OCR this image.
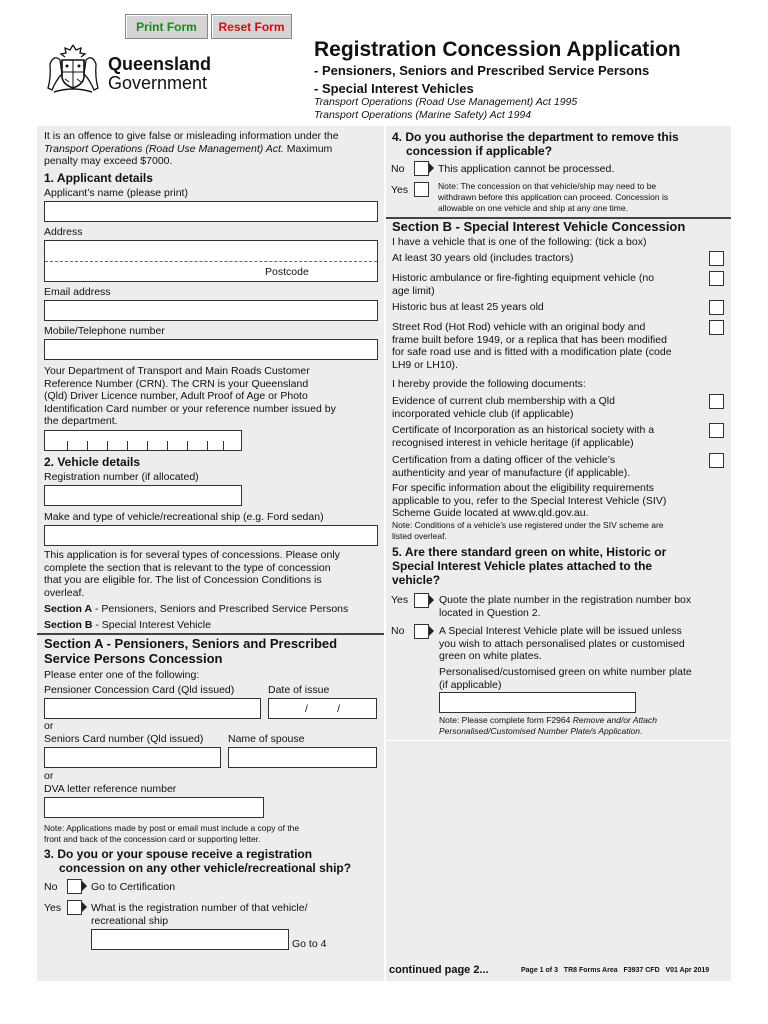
Print Form	Reset Form
Queensland
Government
Registration Concession Application
- Pensioners, Seniors and Prescribed Service Persons
- Special Interest Vehicles
Transport Operations (Road Use Management) Act 1995
Transport Operations (Marine Safety) Act 1994
It is an offence to give false or misleading information under the
Transport Operations (Road Use Management) Act. Maximum
penalty may exceed $7000.
1. Applicant details
Applicant’s name (please print)
Address
Postcode
Email address
Mobile/Telephone number
Your Department of Transport and Main Roads Customer
Reference Number (CRN). The CRN is your Queensland
(Qld) Driver Licence number, Adult Proof of Age or Photo
Identification Card number or your reference number issued by
the department.
2. Vehicle details
Registration number (if allocated)
Make and type of vehicle/recreational ship (e.g. Ford sedan)
This application is for several types of concessions. Please only
complete the section that is relevant to the type of concession
that you are eligible for. The list of Concession Conditions is
overleaf.
Section A - Pensioners, Seniors and Prescribed Service Persons
Section B - Special Interest Vehicle
Section A - Pensioners, Seniors and Prescribed
Service Persons Concession
Please enter one of the following:
Pensioner Concession Card (Qld issued)	Date of issue
/          /
or
Seniors Card number (Qld issued) Name of spouse
or
DVA letter reference number
Note: Applications made by post or email must include a copy of the
front and back of the concession card or supporting letter.
3. Do you or your spouse receive a registration
concession on any other vehicle/recreational ship?
No	Go to Certification
Yes	What is the registration number of that vehicle/
recreational ship
Go to 4
4. Do you authorise the department to remove this
concession if applicable?
No	This application cannot be processed.
Yes	Note: The concession on that vehicle/ship may need to be
withdrawn before this application can proceed. Concession is
allowable on one vehicle and ship at any one time.
Section B - Special Interest Vehicle Concession
I have a vehicle that is one of the following: (tick a box)
At least 30 years old (includes tractors)
Historic ambulance or fire-fighting equipment vehicle (no
age limit)
Historic bus at least 25 years old
Street Rod (Hot Rod) vehicle with an original body and
frame built before 1949, or a replica that has been modified
for safe road use and is fitted with a modification plate (code
LH9 or LH10).
I hereby provide the following documents:
Evidence of current club membership with a Qld
incorporated vehicle club (if applicable)
Certificate of Incorporation as an historical society with a
recognised interest in vehicle heritage (if applicable)
Certification from a dating officer of the vehicle’s
authenticity and year of manufacture (if applicable).
For specific information about the eligibility requirements
applicable to you, refer to the Special Interest Vehicle (SIV)
Scheme Guide located at www.qld.gov.au.
Note: Conditions of a vehicle’s use registered under the SIV scheme are
listed overleaf.
5. Are there standard green on white, Historic or
Special Interest Vehicle plates attached to the
vehicle?
Yes	Quote the plate number in the registration number box
located in Question 2.
No	A Special Interest Vehicle plate will be issued unless
you wish to attach personalised plates or customised
green on white plates.
Personalised/customised green on white number plate
(if applicable)
Note: Please complete form F2964 Remove and/or Attach
Personalised/Customised Number Plate/s Application.
continued page 2...	Page 1 of 3   TR8 Forms Area   F3937 CFD   V01 Apr 2019
